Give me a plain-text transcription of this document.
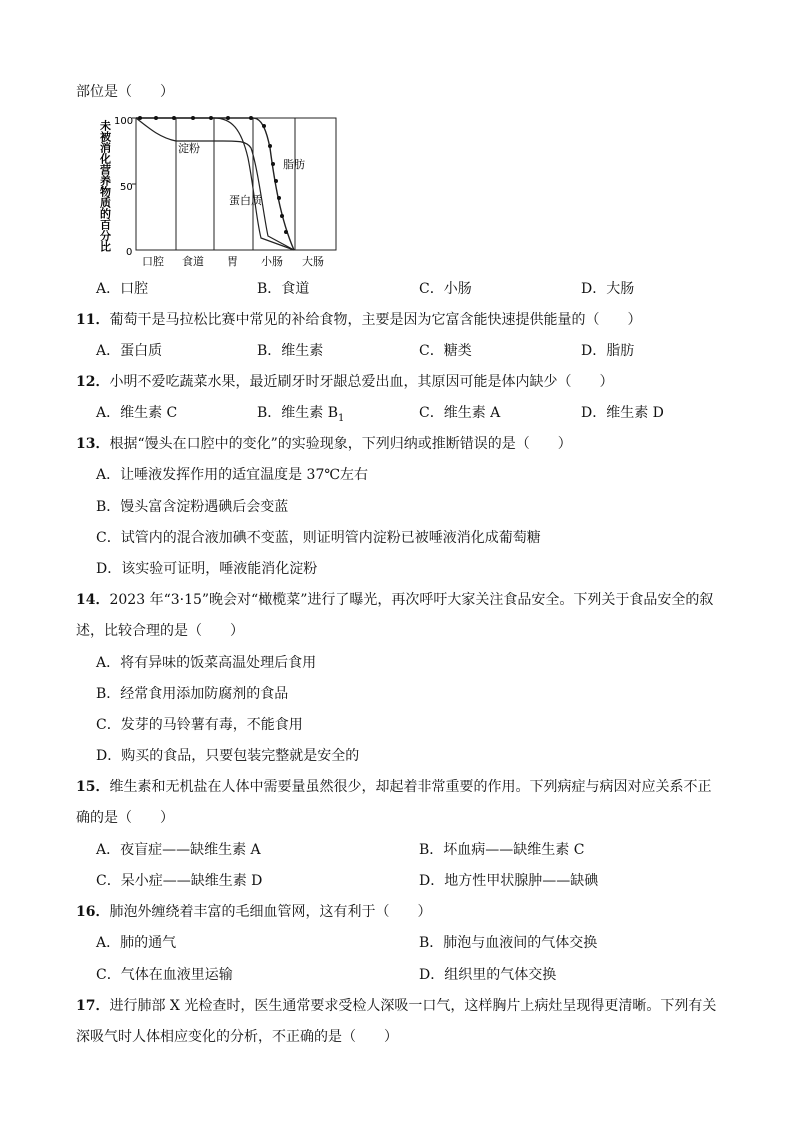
部位是（　　）
未被消化营养物质的百分比 100
50
0
淀粉
脂肪
蛋白质
口腔 食道 胃 小肠 大肠
A．口腔	B．食道	C．小肠	D．大肠
11．葡萄干是马拉松比赛中常见的补给食物，主要是因为它富含能快速提供能量的（　　）
A．蛋白质	B．维生素	C．糖类	D．脂肪
12．小明不爱吃蔬菜水果，最近刷牙时牙龈总爱出血，其原因可能是体内缺少（　　）
A．维生素 C	B．维生素 $B_1$	C．维生素 A	D．维生素 D
13．根据“馒头在口腔中的变化”的实验现象，下列归纳或推断错误的是（　　）
A．让唾液发挥作用的适宜温度是 37℃左右
B．馒头富含淀粉遇碘后会变蓝
C．试管内的混合液加碘不变蓝，则证明管内淀粉已被唾液消化成葡萄糖
D．该实验可证明，唾液能消化淀粉
14．2023 年“3·15”晚会对“橄榄菜”进行了曝光，再次呼吁大家关注食品安全。下列关于食品安全的叙
述，比较合理的是（　　）
A．将有异味的饭菜高温处理后食用
B．经常食用添加防腐剂的食品
C．发芽的马铃薯有毒，不能食用
D．购买的食品，只要包装完整就是安全的
15．维生素和无机盐在人体中需要量虽然很少，却起着非常重要的作用。下列病症与病因对应关系不正
确的是（　　）
A．夜盲症——缺维生素 A	B．坏血病——缺维生素 C
C．呆小症——缺维生素 D	D．地方性甲状腺肿——缺碘
16．肺泡外缠绕着丰富的毛细血管网，这有利于（　　）
A．肺的通气	B．肺泡与血液间的气体交换
C．气体在血液里运输	D．组织里的气体交换
17．进行肺部 X 光检查时，医生通常要求受检人深吸一口气，这样胸片上病灶呈现得更清晰。下列有关
深吸气时人体相应变化的分析，不正确的是（　　）
